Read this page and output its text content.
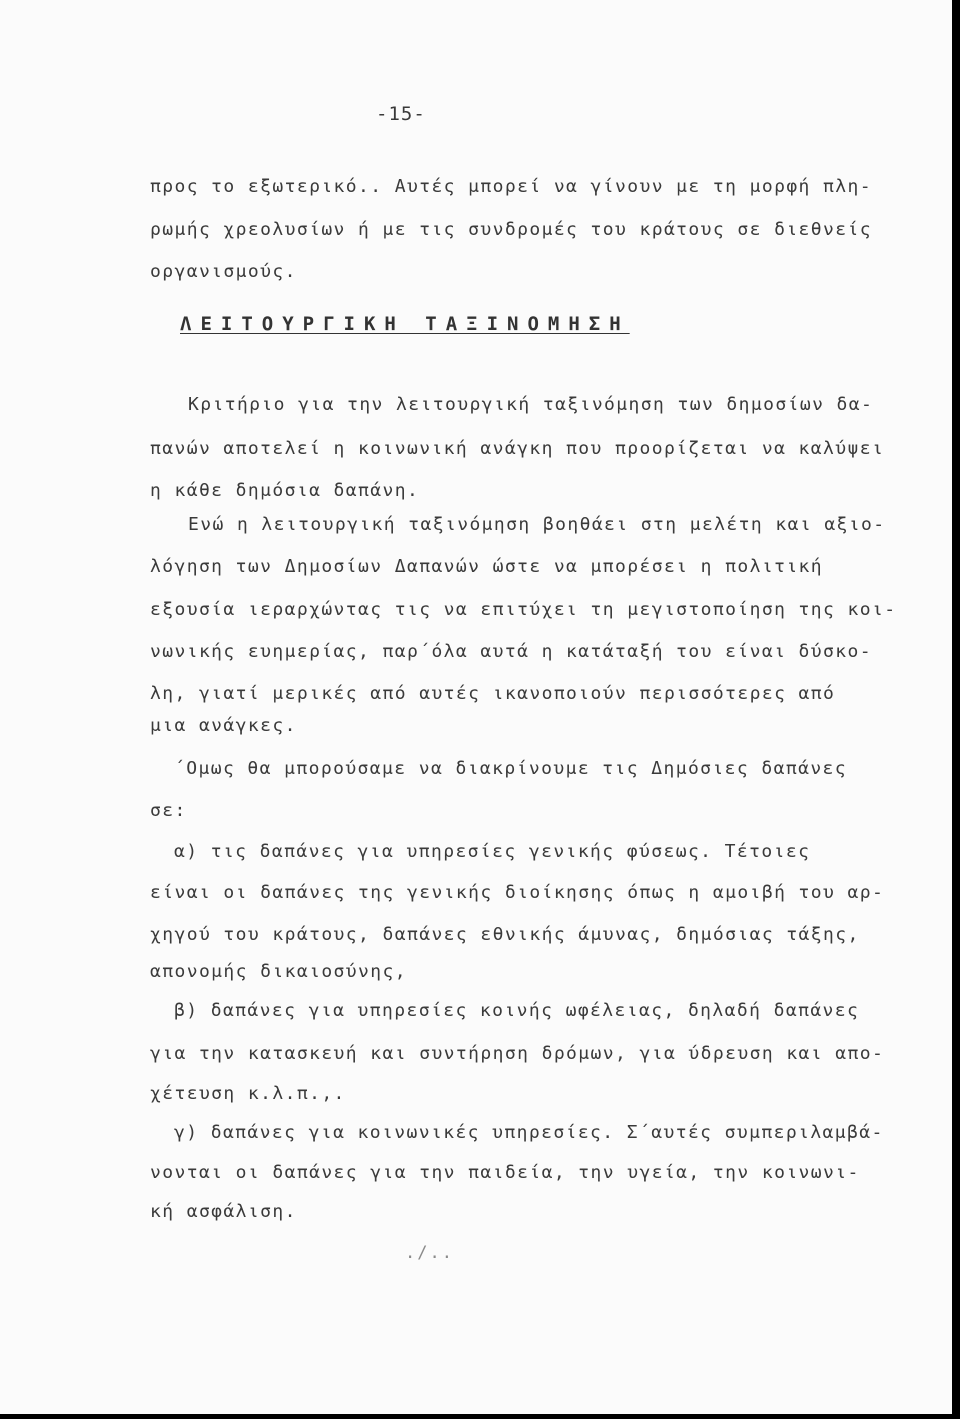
-15-
προς το εξωτερικό.. Αυτές μπορεί να γίνουν με τη μορφή πλη-
ρωμής χρεολυσίων ή με τις συνδρομές του κράτους σε διεθνείς
οργανισμούς.
ΛΕΙΤΟΥΡΓΙΚΗ ΤΑΞΙΝΟΜΗΣΗ
Κριτήριο για την λειτουργική ταξινόμηση των δημοσίων δα-
πανών αποτελεί η κοινωνική ανάγκη που προορίζεται να καλύψει
η κάθε δημόσια δαπάνη.
Ενώ η λειτουργική ταξινόμηση βοηθάει στη μελέτη και αξιο-
λόγηση των Δημοσίων Δαπανών ώστε να μπορέσει η πολιτική
εξουσία ιεραρχώντας τις να επιτύχει τη μεγιστοποίηση της κοι-
νωνικής ευημερίας, παρ΄όλα αυτά η κατάταξή του είναι δύσκο-
λη, γιατί μερικές από αυτές ικανοποιούν περισσότερες από
μια ανάγκες.
΄Ομως θα μπορούσαμε να διακρίνουμε τις Δημόσιες δαπάνες
σε:
α) τις δαπάνες για υπηρεσίες γενικής φύσεως. Τέτοιες
είναι οι δαπάνες της γενικής διοίκησης όπως η αμοιβή του αρ-
χηγού του κράτους, δαπάνες εθνικής άμυνας, δημόσιας τάξης,
απονομής δικαιοσύνης,
β) δαπάνες για υπηρεσίες κοινής ωφέλειας, δηλαδή δαπάνες
για την κατασκευή και συντήρηση δρόμων, για ύδρευση και απο-
χέτευση κ.λ.π.,.
γ) δαπάνες για κοινωνικές υπηρεσίες. Σ΄αυτές συμπεριλαμβά-
νονται οι δαπάνες για την παιδεία, την υγεία, την κοινωνι-
κή ασφάλιση.
./..
